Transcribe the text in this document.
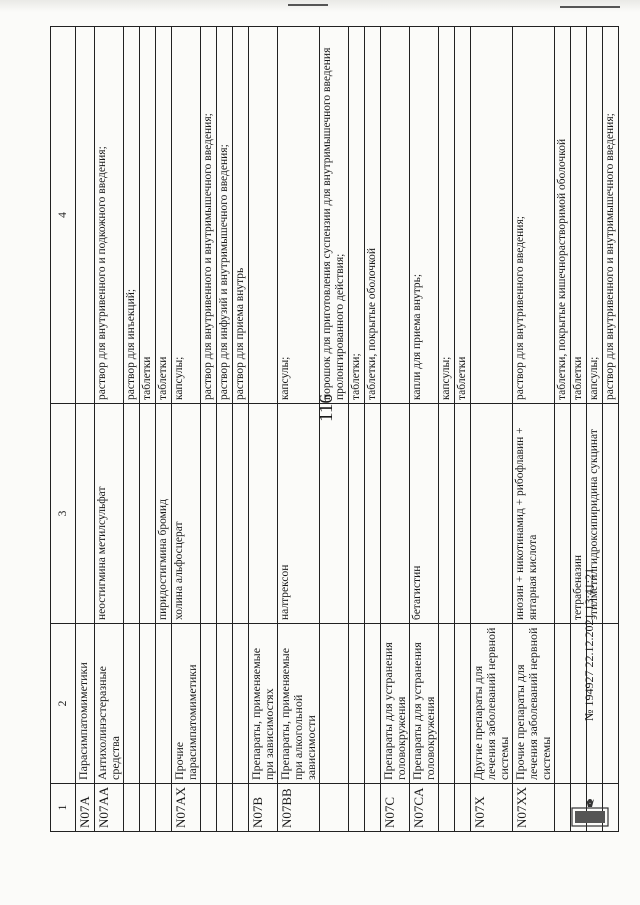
116
1	2	3	4
N07A	Парасимпатомиметики		
N07AA	Антихолинэстеразные средства	неостигмина метилсульфат	раствор для внутривенного и подкожного введения;
			раствор для инъекций;
			таблетки
		пиридостигмина бромид	таблетки
N07AX	Прочие парасимпатомиметики	холина альфосцерат	капсулы;
			раствор для внутривенного и внутримышечного введения;
			раствор для инфузий и внутримышечного введения;
			раствор для приема внутрь
N07B	Препараты, применяемые при зависимостях		
N07BB	Препараты, применяемые при алкогольной зависимости	налтрексон	капсулы;
			порошок для приготовления суспензии для внутримышечного введения пролонгированного действия;
			таблетки;
			таблетки, покрытые оболочкой
N07C	Препараты для устранения головокружения		
N07CA	Препараты для устранения головокружения	бетагистин	капли для приема внутрь;
			капсулы;
			таблетки
N07X	Другие препараты для лечения заболеваний нервной системы		
N07XX	Прочие препараты для лечения заболеваний нервной системы	инозин + никотинамид + рибофлавин + янтарная кислота	раствор для внутривенного введения;
			таблетки, покрытые кишечнорастворимой оболочкой
		тетрабеназин	таблетки
		этилметилгидроксипиридина сукцинат	капсулы;
			раствор для внутривенного и внутримышечного введения;
№ 194927 22.12.2021 13:41:21
